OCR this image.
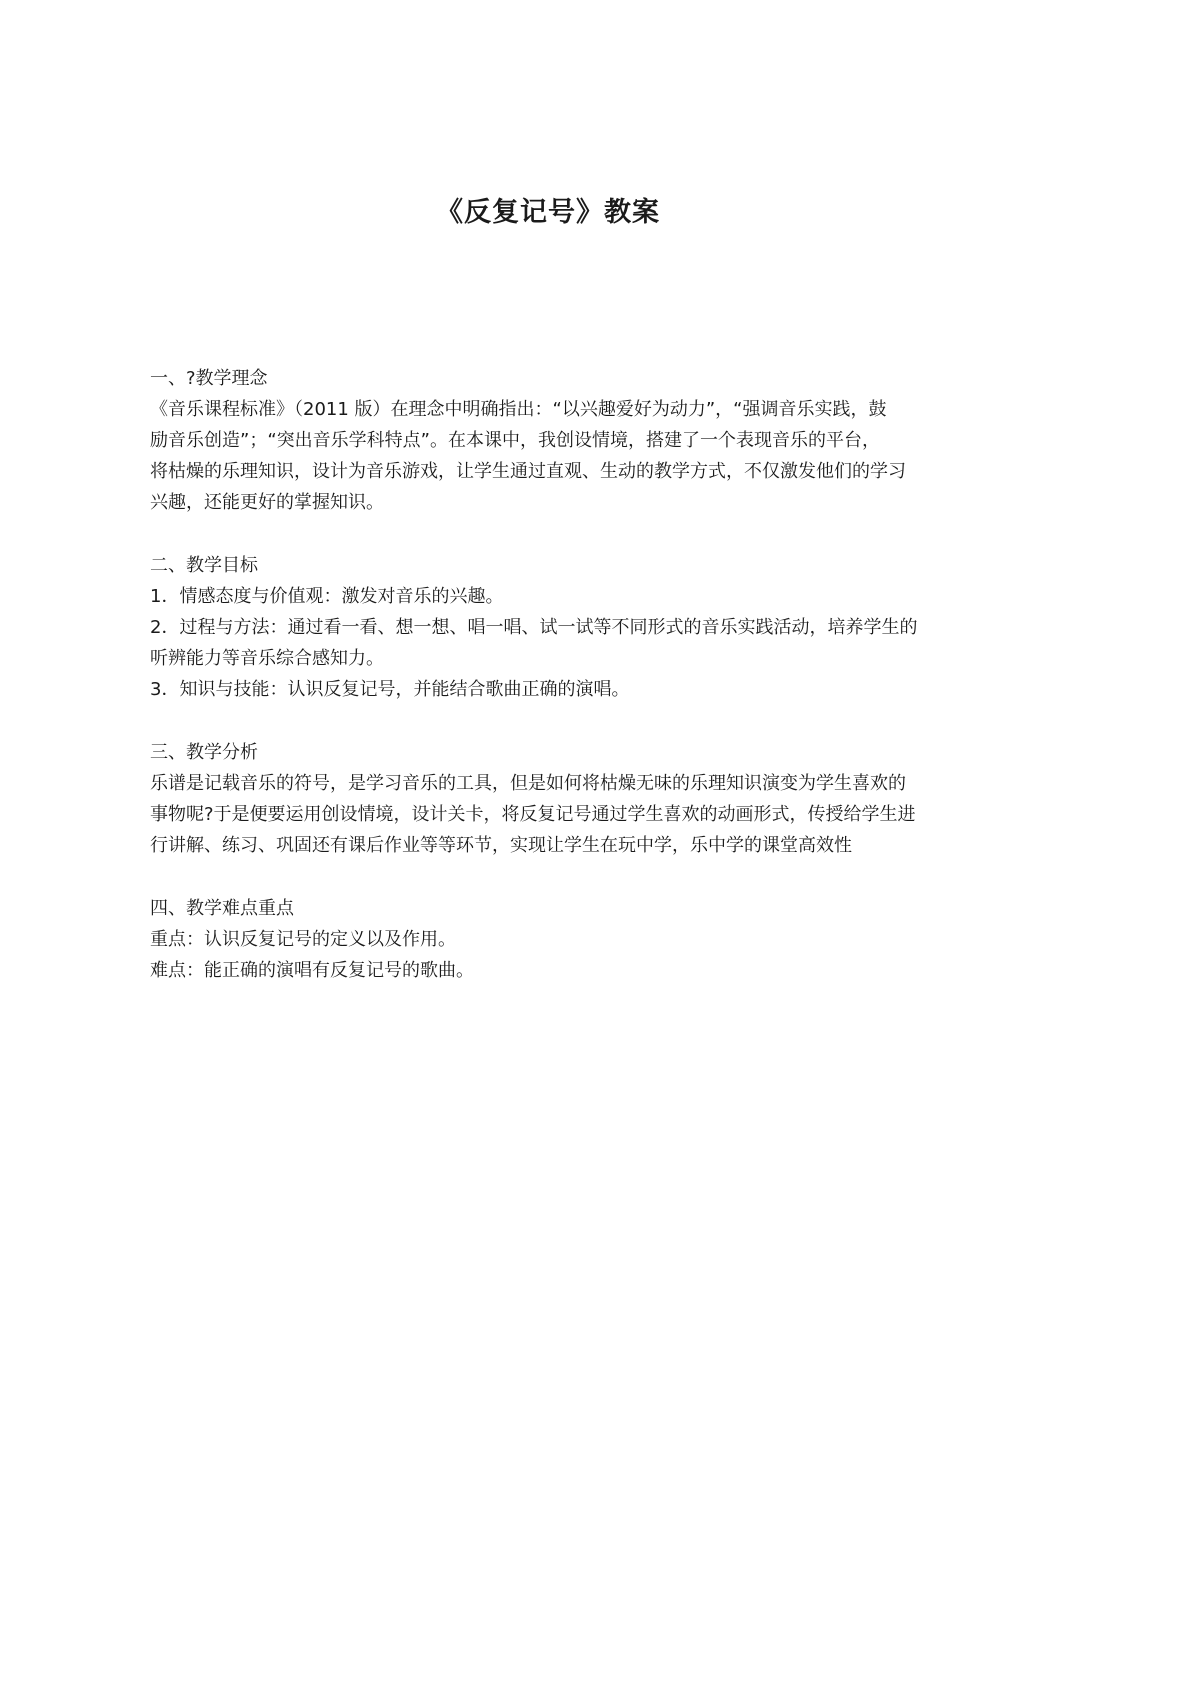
《反复记号》教案

一、?教学理念

《音乐课程标准》（2011 版）在理念中明确指出：“以兴趣爱好为动力”，“强调音乐实践，鼓

励音乐创造”；“突出音乐学科特点”。在本课中，我创设情境，搭建了一个表现音乐的平台，

将枯燥的乐理知识，设计为音乐游戏，让学生通过直观、生动的教学方式，不仅激发他们的学习

兴趣，还能更好的掌握知识。

二、教学目标

1．情感态度与价值观：激发对音乐的兴趣。

2．过程与方法：通过看一看、想一想、唱一唱、试一试等不同形式的音乐实践活动，培养学生的

听辨能力等音乐综合感知力。

3．知识与技能：认识反复记号，并能结合歌曲正确的演唱。

三、教学分析

乐谱是记载音乐的符号，是学习音乐的工具，但是如何将枯燥无味的乐理知识演变为学生喜欢的

事物呢?于是便要运用创设情境，设计关卡，将反复记号通过学生喜欢的动画形式，传授给学生进

行讲解、练习、巩固还有课后作业等等环节，实现让学生在玩中学，乐中学的课堂高效性

四、教学难点重点

重点：认识反复记号的定义以及作用。

难点：能正确的演唱有反复记号的歌曲。
